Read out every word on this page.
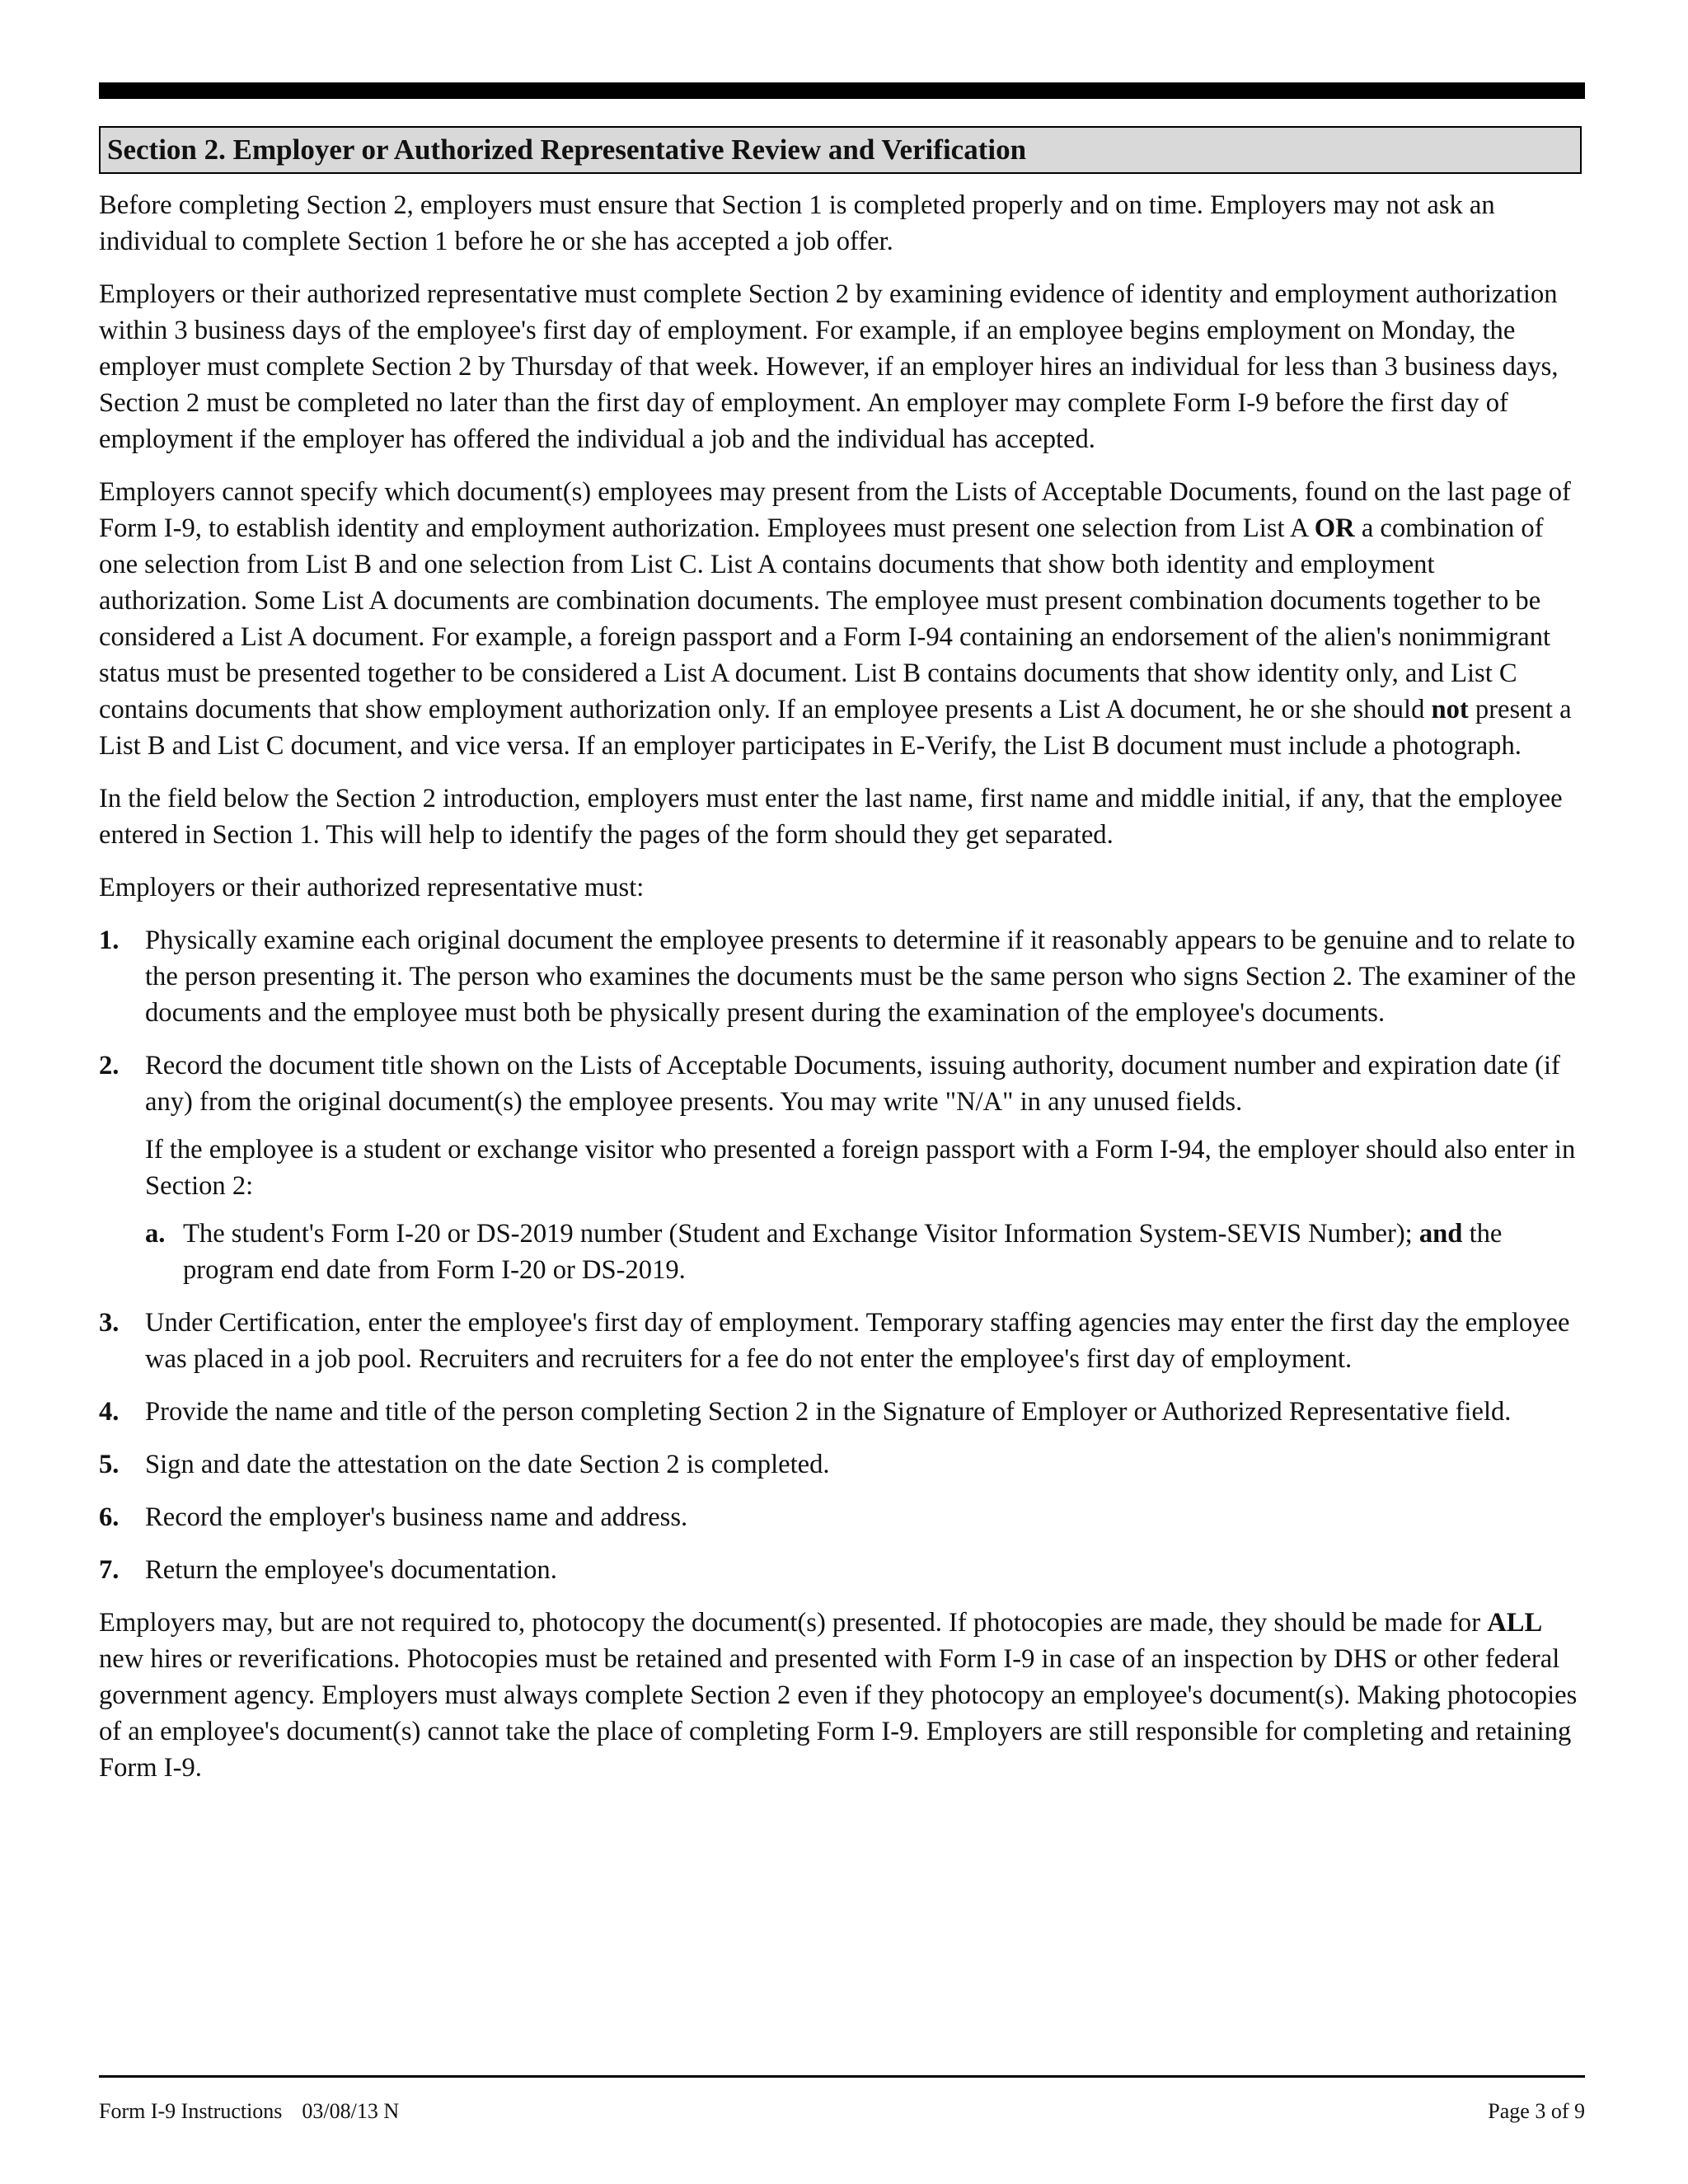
Section 2. Employer or Authorized Representative Review and Verification

Before completing Section 2, employers must ensure that Section 1 is completed properly and on time. Employers may not ask an individual to complete Section 1 before he or she has accepted a job offer.

Employers or their authorized representative must complete Section 2 by examining evidence of identity and employment authorization within 3 business days of the employee's first day of employment. For example, if an employee begins employment on Monday, the employer must complete Section 2 by Thursday of that week. However, if an employer hires an individual for less than 3 business days, Section 2 must be completed no later than the first day of employment. An employer may complete Form I-9 before the first day of employment if the employer has offered the individual a job and the individual has accepted.

Employers cannot specify which document(s) employees may present from the Lists of Acceptable Documents, found on the last page of Form I-9, to establish identity and employment authorization. Employees must present one selection from List A OR a combination of one selection from List B and one selection from List C. List A contains documents that show both identity and employment authorization. Some List A documents are combination documents. The employee must present combination documents together to be considered a List A document. For example, a foreign passport and a Form I-94 containing an endorsement of the alien's nonimmigrant status must be presented together to be considered a List A document. List B contains documents that show identity only, and List C contains documents that show employment authorization only. If an employee presents a List A document, he or she should not present a List B and List C document, and vice versa. If an employer participates in E-Verify, the List B document must include a photograph.

In the field below the Section 2 introduction, employers must enter the last name, first name and middle initial, if any, that the employee entered in Section 1. This will help to identify the pages of the form should they get separated.

Employers or their authorized representative must:

1. Physically examine each original document the employee presents to determine if it reasonably appears to be genuine and to relate to the person presenting it. The person who examines the documents must be the same person who signs Section 2. The examiner of the documents and the employee must both be physically present during the examination of the employee's documents.
2. Record the document title shown on the Lists of Acceptable Documents, issuing authority, document number and expiration date (if any) from the original document(s) the employee presents. You may write "N/A" in any unused fields.

If the employee is a student or exchange visitor who presented a foreign passport with a Form I-94, the employer should also enter in Section 2:

a. The student's Form I-20 or DS-2019 number (Student and Exchange Visitor Information System-SEVIS Number); and the program end date from Form I-20 or DS-2019.
3. Under Certification, enter the employee's first day of employment. Temporary staffing agencies may enter the first day the employee was placed in a job pool. Recruiters and recruiters for a fee do not enter the employee's first day of employment.
4. Provide the name and title of the person completing Section 2 in the Signature of Employer or Authorized Representative field.
5. Sign and date the attestation on the date Section 2 is completed.
6. Record the employer's business name and address.
7. Return the employee's documentation.

Employers may, but are not required to, photocopy the document(s) presented. If photocopies are made, they should be made for ALL new hires or reverifications. Photocopies must be retained and presented with Form I-9 in case of an inspection by DHS or other federal government agency. Employers must always complete Section 2 even if they photocopy an employee's document(s). Making photocopies of an employee's document(s) cannot take the place of completing Form I-9. Employers are still responsible for completing and retaining Form I-9.

Form I-9 Instructions 03/08/13 N	Page 3 of 9
